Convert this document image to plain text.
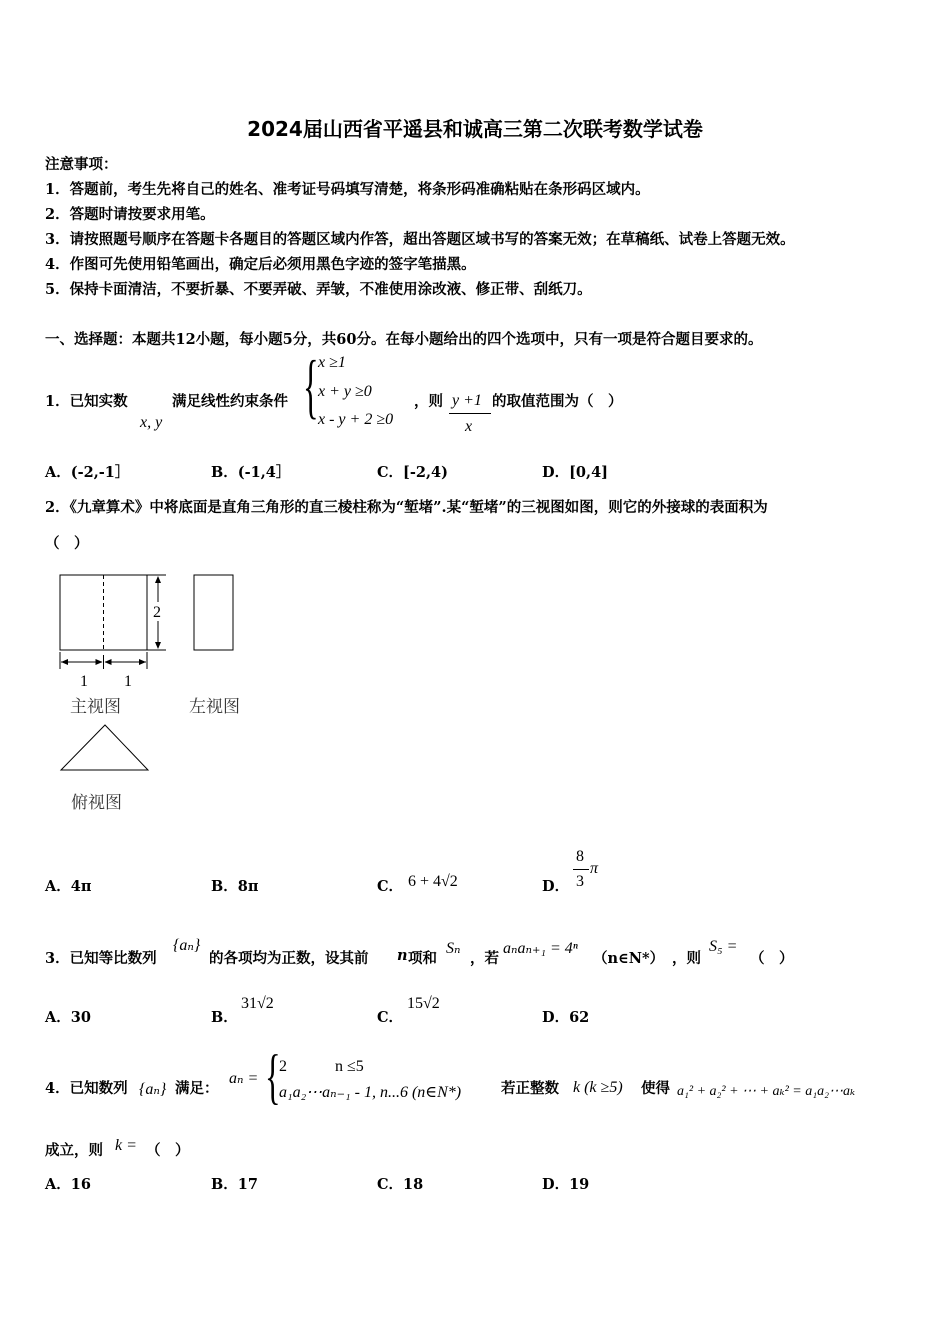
2024届山西省平遥县和诚高三第二次联考数学试卷
注意事项：
1．答题前，考生先将自己的姓名、准考证号码填写清楚，将条形码准确粘贴在条形码区域内。
2．答题时请按要求用笔。
3．请按照题号顺序在答题卡各题目的答题区域内作答，超出答题区域书写的答案无效；在草稿纸、试卷上答题无效。
4．作图可先使用铅笔画出，确定后必须用黑色字迹的签字笔描黑。
5．保持卡面清洁，不要折暴、不要弄破、弄皱，不准使用涂改液、修正带、刮纸刀。
一、选择题：本题共12小题，每小题5分，共60分。在每小题给出的四个选项中，只有一项是符合题目要求的。
1．已知实数
x, y
满足线性约束条件 { x ≥1
x + y ≥0
x - y + 2 ≥0
，则 y +1
x
的取值范围为（　）
A．(-2,-1］	B．(-1,4］	C．[-2,4)	D．[0,4]
2．《九章算术》中将底面是直角三角形的直三棱柱称为“堑堵”.某“堑堵”的三视图如图，则它的外接球的表面积为
（　）
2
1 1
主视图	左视图
俯视图
A．4π	B．8π	C． 6 + 4√2	D．
8
3
π
3．已知等比数列
{aₙ}
的各项均为正数，设其前 n 项和
Sₙ
，若
aₙaₙ₊₁ = 4ⁿ
（n∈N*） ，则
S₅ =
（　）
A．30	B．
31√2
C．
15√2
D．62
4．已知数列 {aₙ} 满足：
aₙ = {
2　　　n ≤5
a₁a₂⋯aₙ₋₁ - 1, n...6 (n∈N*)	若正整数 k (k ≥5) 使得 a₁² + a₂² + ⋯ + aₖ² = a₁a₂⋯aₖ
成立，则 k = （　）
A．16	B．17	C．18	D．19
